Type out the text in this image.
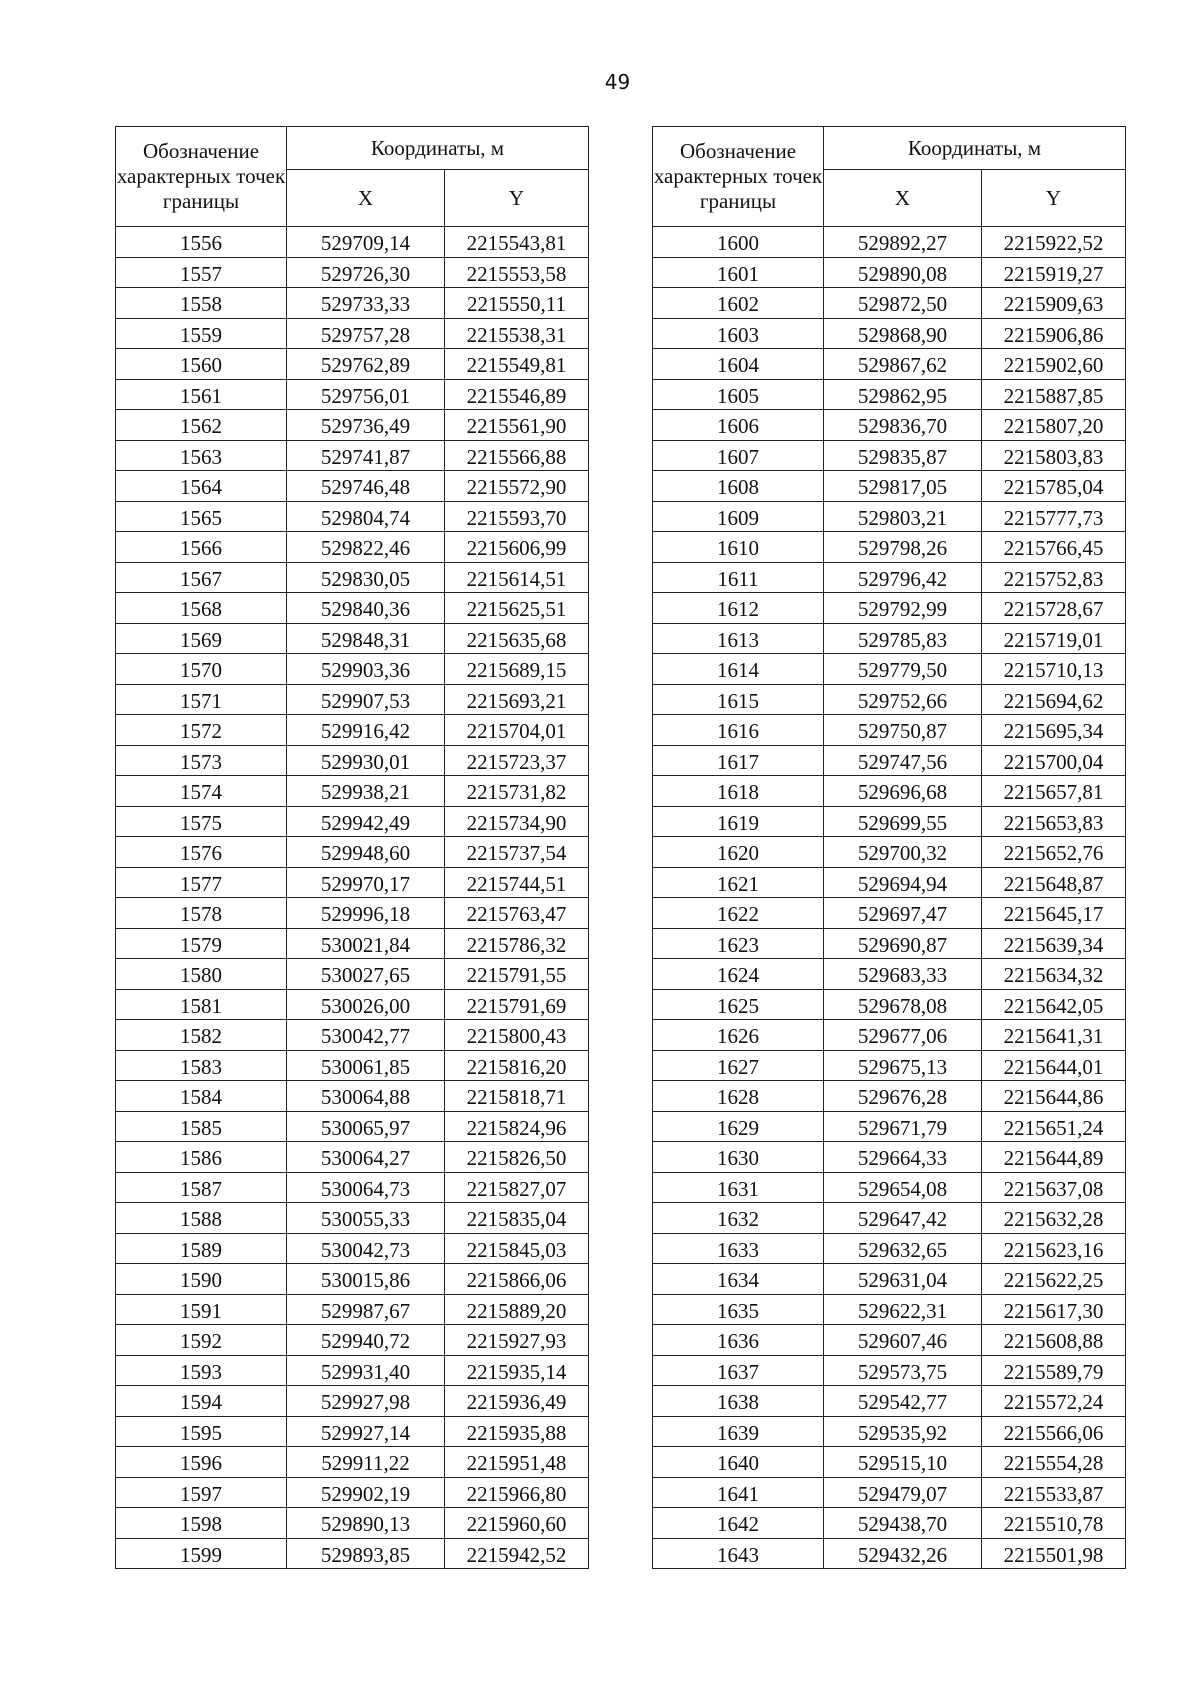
49
Обозначение характерных точек границы	Координаты, м	
	X	Y
1556	529709,14	2215543,81
1557	529726,30	2215553,58
1558	529733,33	2215550,11
1559	529757,28	2215538,31
1560	529762,89	2215549,81
1561	529756,01	2215546,89
1562	529736,49	2215561,90
1563	529741,87	2215566,88
1564	529746,48	2215572,90
1565	529804,74	2215593,70
1566	529822,46	2215606,99
1567	529830,05	2215614,51
1568	529840,36	2215625,51
1569	529848,31	2215635,68
1570	529903,36	2215689,15
1571	529907,53	2215693,21
1572	529916,42	2215704,01
1573	529930,01	2215723,37
1574	529938,21	2215731,82
1575	529942,49	2215734,90
1576	529948,60	2215737,54
1577	529970,17	2215744,51
1578	529996,18	2215763,47
1579	530021,84	2215786,32
1580	530027,65	2215791,55
1581	530026,00	2215791,69
1582	530042,77	2215800,43
1583	530061,85	2215816,20
1584	530064,88	2215818,71
1585	530065,97	2215824,96
1586	530064,27	2215826,50
1587	530064,73	2215827,07
1588	530055,33	2215835,04
1589	530042,73	2215845,03
1590	530015,86	2215866,06
1591	529987,67	2215889,20
1592	529940,72	2215927,93
1593	529931,40	2215935,14
1594	529927,98	2215936,49
1595	529927,14	2215935,88
1596	529911,22	2215951,48
1597	529902,19	2215966,80
1598	529890,13	2215960,60
1599	529893,85	2215942,52
Обозначение характерных точек границы	Координаты, м	
	X	Y
1600	529892,27	2215922,52
1601	529890,08	2215919,27
1602	529872,50	2215909,63
1603	529868,90	2215906,86
1604	529867,62	2215902,60
1605	529862,95	2215887,85
1606	529836,70	2215807,20
1607	529835,87	2215803,83
1608	529817,05	2215785,04
1609	529803,21	2215777,73
1610	529798,26	2215766,45
1611	529796,42	2215752,83
1612	529792,99	2215728,67
1613	529785,83	2215719,01
1614	529779,50	2215710,13
1615	529752,66	2215694,62
1616	529750,87	2215695,34
1617	529747,56	2215700,04
1618	529696,68	2215657,81
1619	529699,55	2215653,83
1620	529700,32	2215652,76
1621	529694,94	2215648,87
1622	529697,47	2215645,17
1623	529690,87	2215639,34
1624	529683,33	2215634,32
1625	529678,08	2215642,05
1626	529677,06	2215641,31
1627	529675,13	2215644,01
1628	529676,28	2215644,86
1629	529671,79	2215651,24
1630	529664,33	2215644,89
1631	529654,08	2215637,08
1632	529647,42	2215632,28
1633	529632,65	2215623,16
1634	529631,04	2215622,25
1635	529622,31	2215617,30
1636	529607,46	2215608,88
1637	529573,75	2215589,79
1638	529542,77	2215572,24
1639	529535,92	2215566,06
1640	529515,10	2215554,28
1641	529479,07	2215533,87
1642	529438,70	2215510,78
1643	529432,26	2215501,98
